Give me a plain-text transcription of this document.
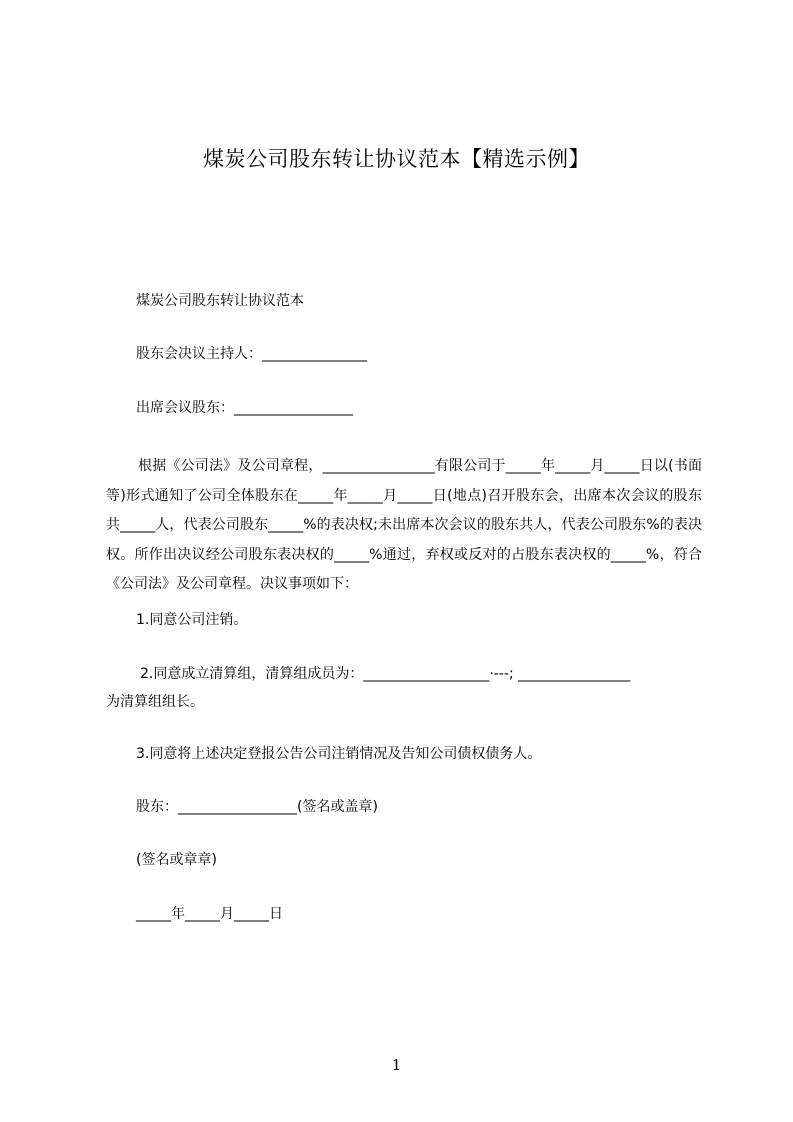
煤炭公司股东转让协议范本【精选示例】
煤炭公司股东转让协议范本
股东会决议主持人：_______________
出席会议股东：_________________
根据《公司法》及公司章程，________________有限公司于_____年_____月_____日以(书面等)形式通知了公司全体股东在_____年_____月_____日(地点)召开股东会，出席本次会议的股东共_____人，代表公司股东_____%的表决权;未出席本次会议的股东共人，代表公司股东%的表决权。所作出决议经公司股东表决权的_____%通过，弃权或反对的占股东表决权的_____%，符合《公司法》及公司章程。决议事项如下：
1.同意公司注销。
2.同意成立清算组，清算组成员为：__________________·---; ________________
为清算组组长。
3.同意将上述决定登报公告公司注销情况及告知公司债权债务人。
股东：_________________(签名或盖章)
(签名或章章)
_____年_____月_____日
1
